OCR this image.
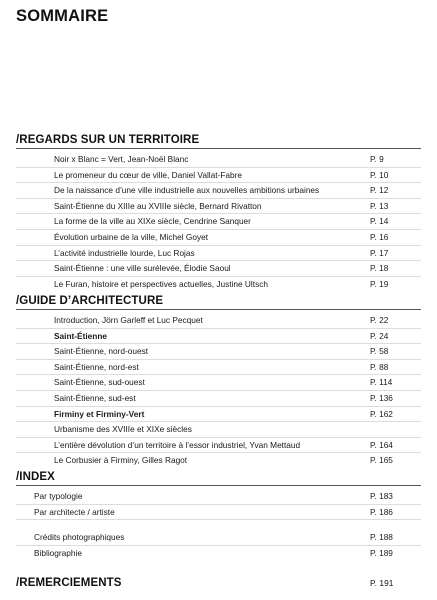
SOMMAIRE
/REGARDS SUR UN TERRITOIRE
Noir x Blanc = Vert, Jean-Noël Blanc	P. 9
Le promeneur du cœur de ville, Daniel Vallat-Fabre	P. 10
De la naissance d’une ville industrielle aux nouvelles ambitions urbaines	P. 12
Saint-Étienne du XIIIe au XVIIIe siècle, Bernard Rivatton	P. 13
La forme de la ville au XIXe siècle, Cendrine Sanquer	P. 14
Évolution urbaine de la ville, Michel Goyet	P. 16
L’activité industrielle lourde, Luc Rojas	P. 17
Saint-Étienne : une ville surélevée, Élodie Saoul	P. 18
Le Furan, histoire et perspectives actuelles, Justine Ultsch	P. 19
/GUIDE D’ARCHITECTURE
Introduction, Jörn Garleff et Luc Pecquet	P. 22
Saint-Étienne	P. 24
Saint-Étienne, nord-ouest	P. 58
Saint-Étienne, nord-est	P. 88
Saint-Étienne, sud-ouest	P. 114
Saint-Étienne, sud-est	P. 136
Firminy et Firminy-Vert	P. 162
Urbanisme des XVIIIe et XIXe siècles
L’entière dévolution d’un territoire à l’essor industriel, Yvan Mettaud	P. 164
Le Corbusier à Firminy, Gilles Ragot	P. 165
/INDEX
Par typologie	P. 183
Par architecte / artiste	P. 186
Crédits photographiques	P. 188
Bibliographie	P. 189
/REMERCIEMENTS	P. 191
